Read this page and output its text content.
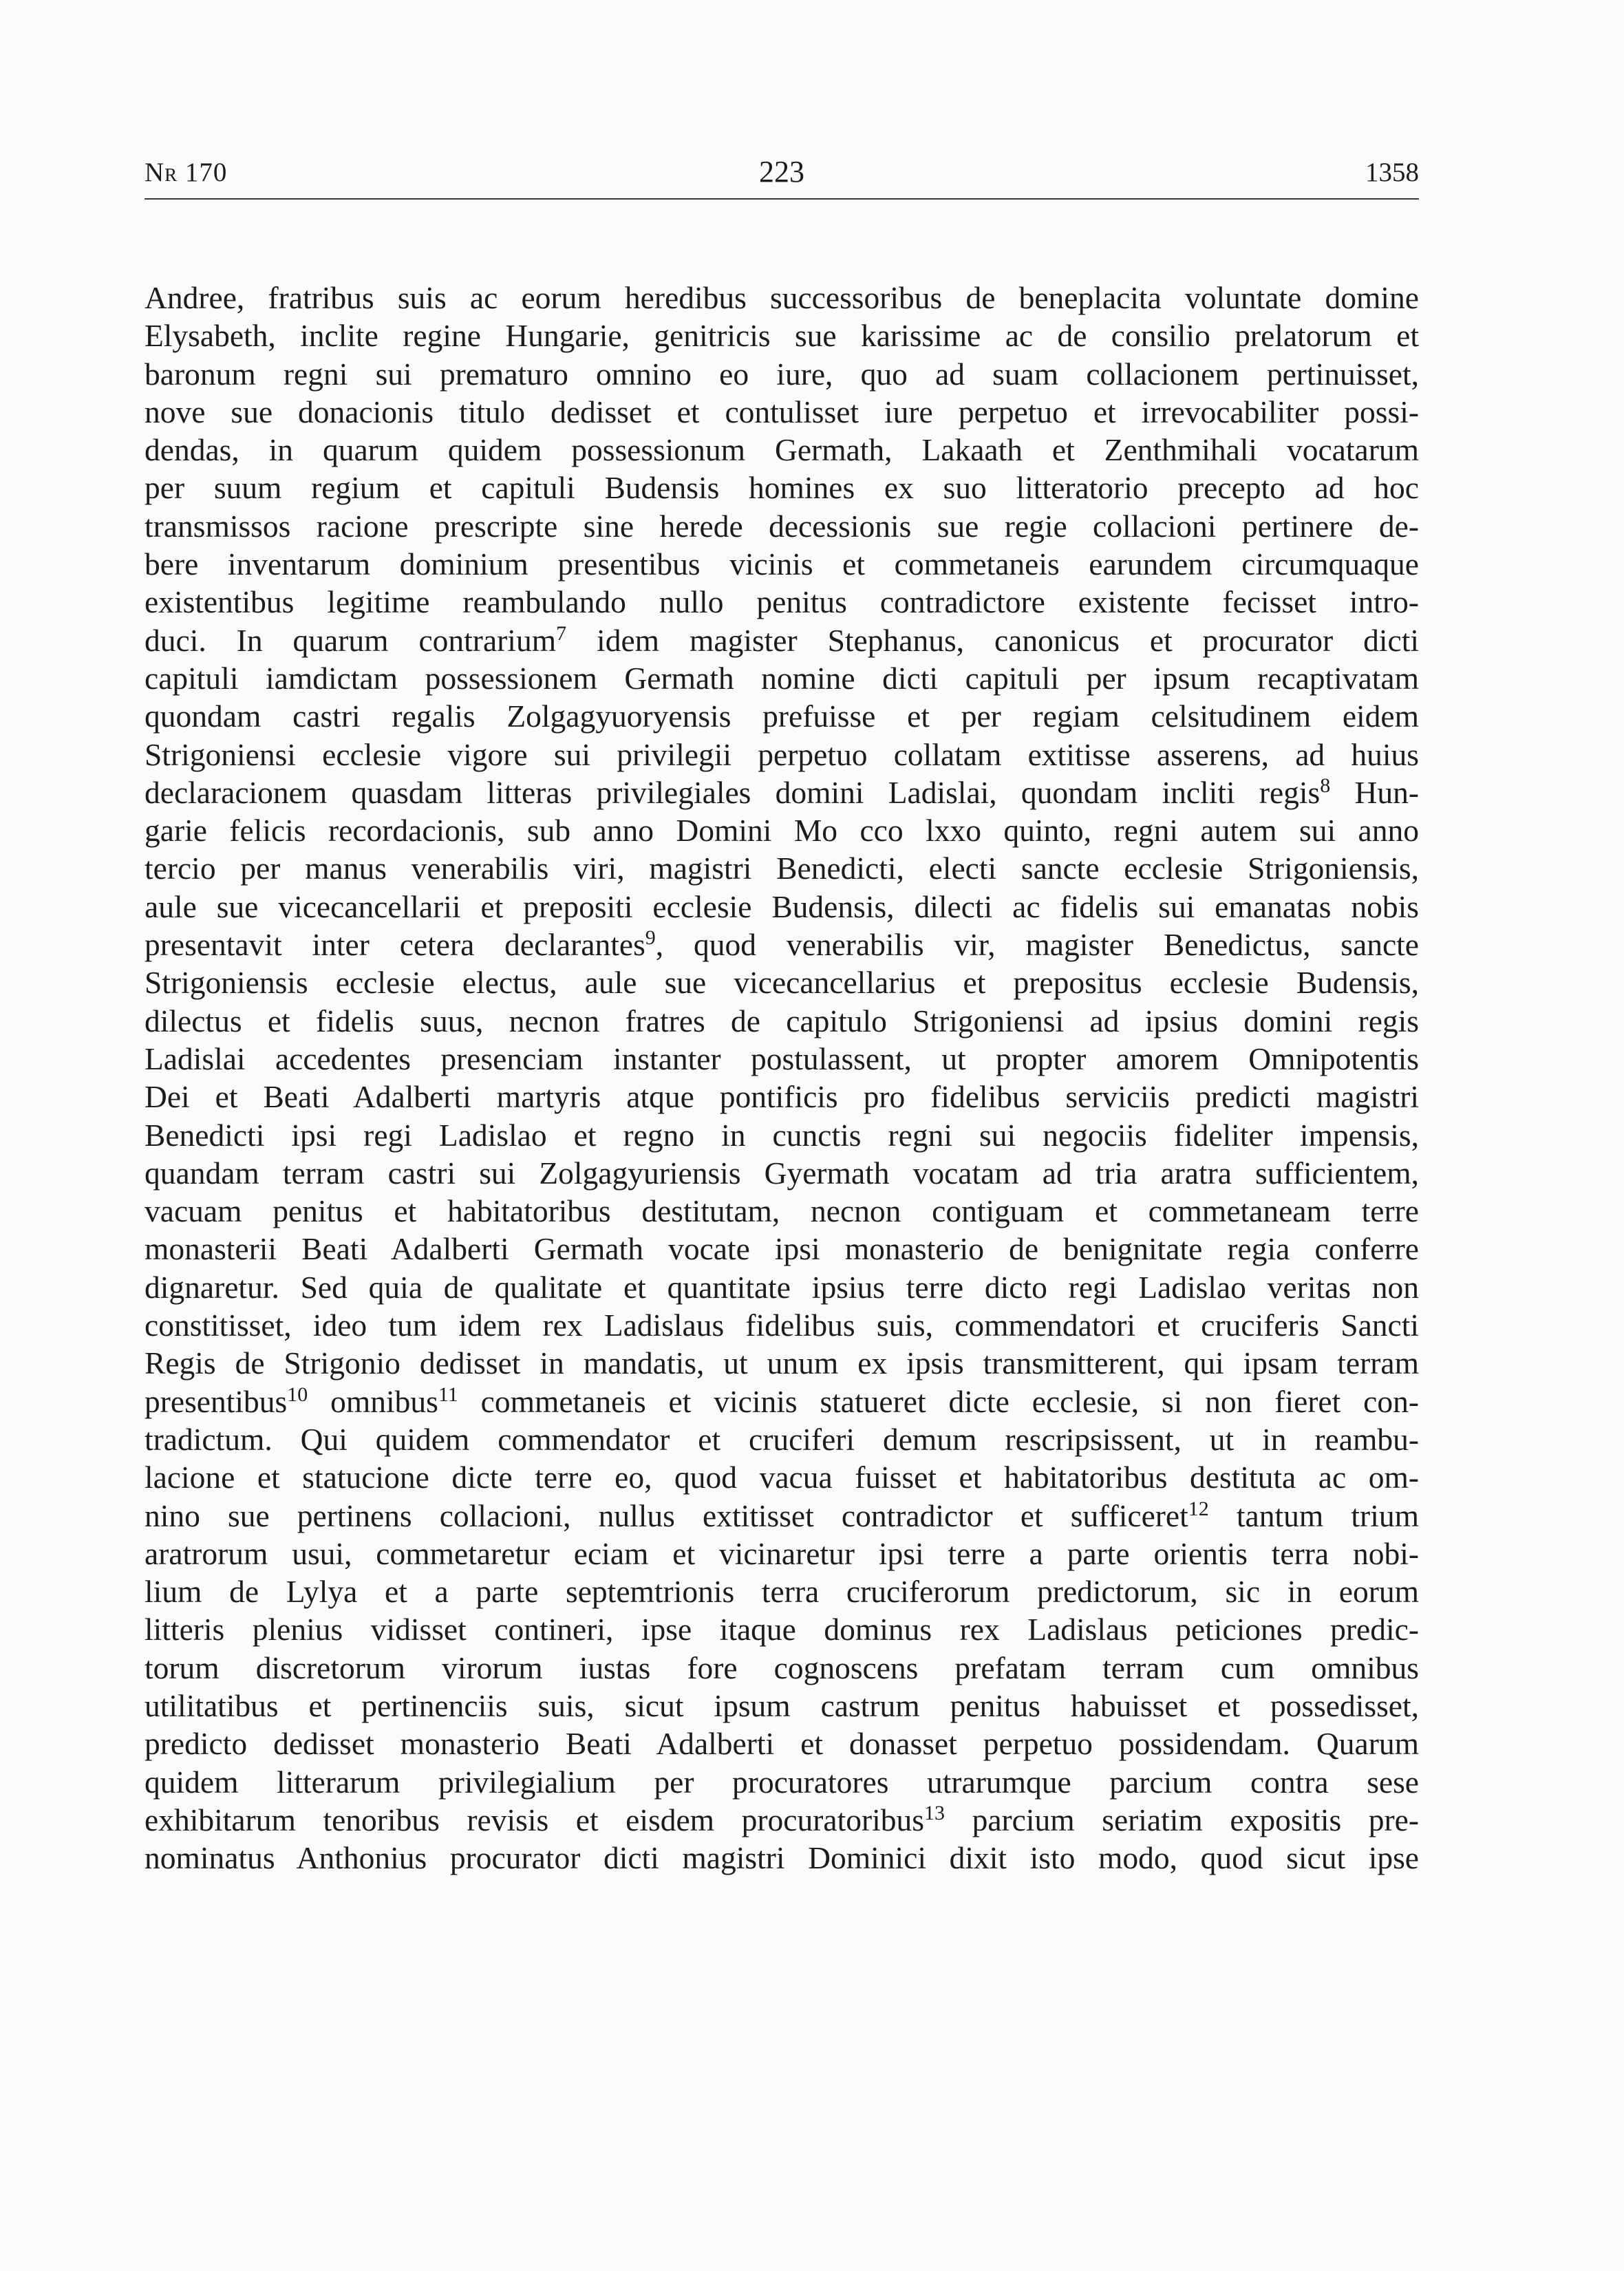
Nr 170	223	1358
Andree, fratribus suis ac eorum heredibus successoribus de beneplacita voluntate domine
Elysabeth, inclite regine Hungarie, genitricis sue karissime ac de consilio prelatorum et
baronum regni sui prematuro omnino eo iure, quo ad suam collacionem pertinuisset,
nove sue donacionis titulo dedisset et contulisset iure perpetuo et irrevocabiliter possi-
dendas, in quarum quidem possessionum Germath, Lakaath et Zenthmihali vocatarum
per suum regium et capituli Budensis homines ex suo litteratorio precepto ad hoc
transmissos racione prescripte sine herede decessionis sue regie collacioni pertinere de-
bere inventarum dominium presentibus vicinis et commetaneis earundem circumquaque
existentibus legitime reambulando nullo penitus contradictore existente fecisset intro-
duci. In quarum contrarium$^7$ idem magister Stephanus, canonicus et procurator dicti
capituli iamdictam possessionem Germath nomine dicti capituli per ipsum recaptivatam
quondam castri regalis Zolgagyuoryensis prefuisse et per regiam celsitudinem eidem
Strigoniensi ecclesie vigore sui privilegii perpetuo collatam extitisse asserens, ad huius
declaracionem quasdam litteras privilegiales domini Ladislai, quondam incliti regis$^8$ Hun-
garie felicis recordacionis, sub anno Domini Mo cco lxxo quinto, regni autem sui anno
tercio per manus venerabilis viri, magistri Benedicti, electi sancte ecclesie Strigoniensis,
aule sue vicecancellarii et prepositi ecclesie Budensis, dilecti ac fidelis sui emanatas nobis
presentavit inter cetera declarantes$^9$, quod venerabilis vir, magister Benedictus, sancte
Strigoniensis ecclesie electus, aule sue vicecancellarius et prepositus ecclesie Budensis,
dilectus et fidelis suus, necnon fratres de capitulo Strigoniensi ad ipsius domini regis
Ladislai accedentes presenciam instanter postulassent, ut propter amorem Omnipotentis
Dei et Beati Adalberti martyris atque pontificis pro fidelibus serviciis predicti magistri
Benedicti ipsi regi Ladislao et regno in cunctis regni sui negociis fideliter impensis,
quandam terram castri sui Zolgagyuriensis Gyermath vocatam ad tria aratra sufficientem,
vacuam penitus et habitatoribus destitutam, necnon contiguam et commetaneam terre
monasterii Beati Adalberti Germath vocate ipsi monasterio de benignitate regia conferre
dignaretur. Sed quia de qualitate et quantitate ipsius terre dicto regi Ladislao veritas non
constitisset, ideo tum idem rex Ladislaus fidelibus suis, commendatori et cruciferis Sancti
Regis de Strigonio dedisset in mandatis, ut unum ex ipsis transmitterent, qui ipsam terram
presentibus$^{10}$ omnibus$^{11}$ commetaneis et vicinis statueret dicte ecclesie, si non fieret con-
tradictum. Qui quidem commendator et cruciferi demum rescripsissent, ut in reambu-
lacione et statucione dicte terre eo, quod vacua fuisset et habitatoribus destituta ac om-
nino sue pertinens collacioni, nullus extitisset contradictor et sufficeret$^{12}$ tantum trium
aratrorum usui, commetaretur eciam et vicinaretur ipsi terre a parte orientis terra nobi-
lium de Lylya et a parte septemtrionis terra cruciferorum predictorum, sic in eorum
litteris plenius vidisset contineri, ipse itaque dominus rex Ladislaus peticiones predic-
torum discretorum virorum iustas fore cognoscens prefatam terram cum omnibus
utilitatibus et pertinenciis suis, sicut ipsum castrum penitus habuisset et possedisset,
predicto dedisset monasterio Beati Adalberti et donasset perpetuo possidendam. Quarum
quidem litterarum privilegialium per procuratores utrarumque parcium contra sese
exhibitarum tenoribus revisis et eisdem procuratoribus$^{13}$ parcium seriatim expositis pre-
nominatus Anthonius procurator dicti magistri Dominici dixit isto modo, quod sicut ipse
